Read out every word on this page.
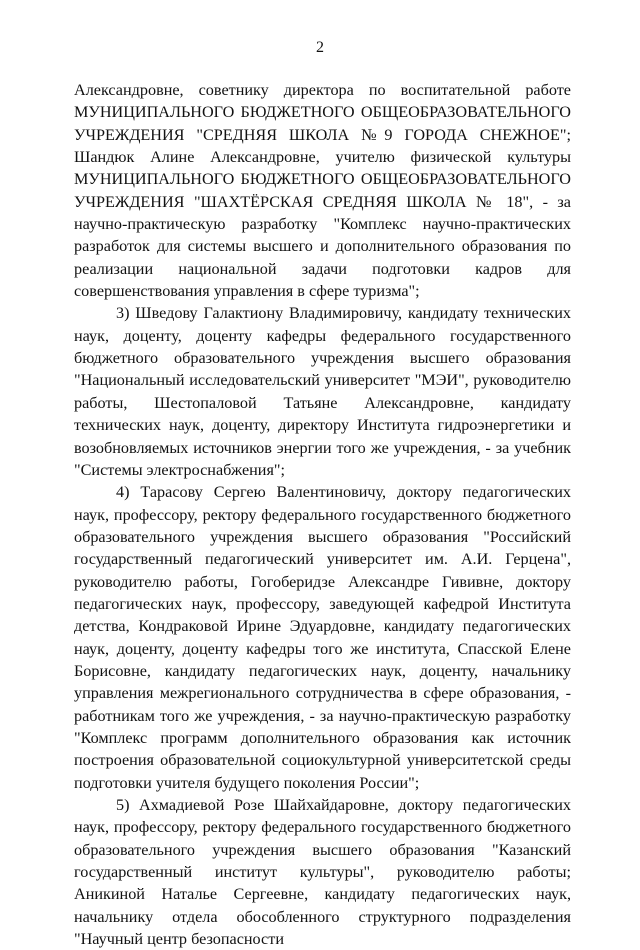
2

Александровне, советнику директора по воспитательной работе МУНИЦИПАЛЬНОГО БЮДЖЕТНОГО ОБЩЕОБРАЗОВАТЕЛЬНОГО УЧРЕЖДЕНИЯ "СРЕДНЯЯ ШКОЛА №9 ГОРОДА СНЕЖНОЕ"; Шандюк Алине Александровне, учителю физической культуры МУНИЦИПАЛЬНОГО БЮДЖЕТНОГО ОБЩЕОБРАЗОВАТЕЛЬНОГО УЧРЕЖДЕНИЯ "ШАХТЁРСКАЯ СРЕДНЯЯ ШКОЛА № 18", - за научно-практическую разработку "Комплекс научно-практических разработок для системы высшего и дополнительного образования по реализации национальной задачи подготовки кадров для совершенствования управления в сфере туризма";

3) Шведову Галактиону Владимировичу, кандидату технических наук, доценту, доценту кафедры федерального государственного бюджетного образовательного учреждения высшего образования "Национальный исследовательский университет "МЭИ", руководителю работы, Шестопаловой Татьяне Александровне, кандидату технических наук, доценту, директору Института гидроэнергетики и возобновляемых источников энергии того же учреждения, - за учебник "Системы электроснабжения";

4) Тарасову Сергею Валентиновичу, доктору педагогических наук, профессору, ректору федерального государственного бюджетного образовательного учреждения высшего образования "Российский государственный педагогический университет им. А.И. Герцена", руководителю работы, Гогоберидзе Александре Гививне, доктору педагогических наук, профессору, заведующей кафедрой Института детства, Кондраковой Ирине Эдуардовне, кандидату педагогических наук, доценту, доценту кафедры того же института, Спасской Елене Борисовне, кандидату педагогических наук, доценту, начальнику управления межрегионального сотрудничества в сфере образования, - работникам того же учреждения, - за научно-практическую разработку "Комплекс программ дополнительного образования как источник построения образовательной социокультурной университетской среды подготовки учителя будущего поколения России";

5) Ахмадиевой Розе Шайхайдаровне, доктору педагогических наук, профессору, ректору федерального государственного бюджетного образовательного учреждения высшего образования "Казанский государственный институт культуры", руководителю работы; Аникиной Наталье Сергеевне, кандидату педагогических наук, начальнику отдела обособленного структурного подразделения "Научный центр безопасности
